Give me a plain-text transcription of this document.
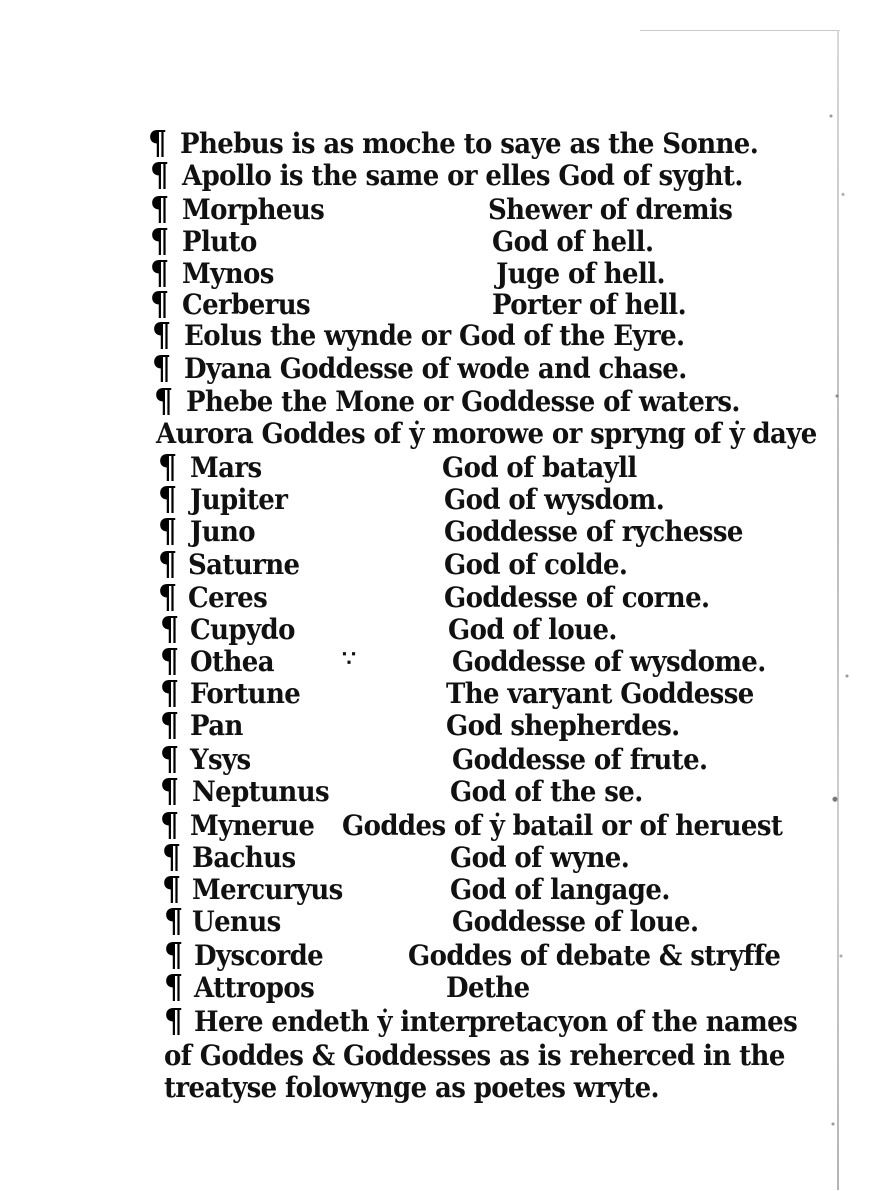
¶ Phebus is as moche to saye as the Sonne.
¶ Apollo is the same or elles God of syght.
¶ Morpheus	Shewer of dremis
¶ Pluto	God of hell.
¶ Mynos	Juge of hell.
¶ Cerberus	Porter of hell.
¶ Eolus the wynde or God of the Eyre.
¶ Dyana Goddesse of wode and chase.
¶ Phebe the Mone or Goddesse of waters.
Aurora Goddes of ẏ morowe or spryng of ẏ daye
¶ Mars	God of batayll
¶ Jupiter	God of wysdom.
¶ Juno	Goddesse of rychesse
¶ Saturne	God of colde.
¶ Ceres	Goddesse of corne.
¶ Cupydo	God of loue.
¶ Othea	Goddesse of wysdome.
∵
¶ Fortune	The varyant Goddesse
¶ Pan	God shepherdes.
¶ Ysys	Goddesse of frute.
¶ Neptunus	God of the se.
¶ Mynerue Goddes of ẏ batail or of heruest
¶ Bachus	God of wyne.
¶ Mercuryus	God of langage.
¶ Uenus	Goddesse of loue.
¶ Dyscorde	Goddes of debate & stryffe
¶ Attropos	Dethe
¶ Here endeth ẏ interpretacyon of the names
of Goddes & Goddesses as is reherced in the
treatyse folowynge as poetes wryte.
